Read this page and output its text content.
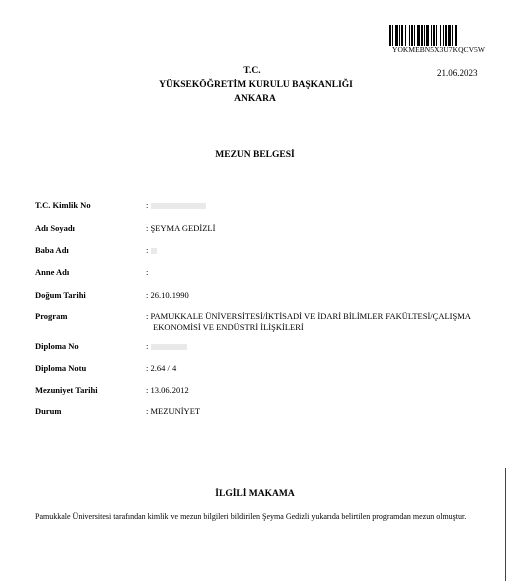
YOKMEBN5X3U7KQCV5W
21.06.2023
T.C.
YÜKSEKÖĞRETİM KURULU BAŞKANLIĞI
ANKARA
MEZUN BELGESİ
T.C. Kimlik No	:
Adı Soyadı	: ŞEYMA GEDİZLİ
Baba Adı	:
Anne Adı	:
Doğum Tarihi	: 26.10.1990
Program	: PAMUKKALE ÜNİVERSİTESİ/İKTİSADİ VE İDARİ BİLİMLER FAKÜLTESİ/ÇALIŞMA
EKONOMİSİ VE ENDÜSTRİ İLİŞKİLERİ
Diploma No	:
Diploma Notu	: 2.64 / 4
Mezuniyet Tarihi	: 13.06.2012
Durum	: MEZUNİYET
İLGİLİ MAKAMA
Pamukkale Üniversitesi tarafından kimlik ve mezun bilgileri bildirilen Şeyma Gedizli yukarıda belirtilen programdan mezun olmuştur.
